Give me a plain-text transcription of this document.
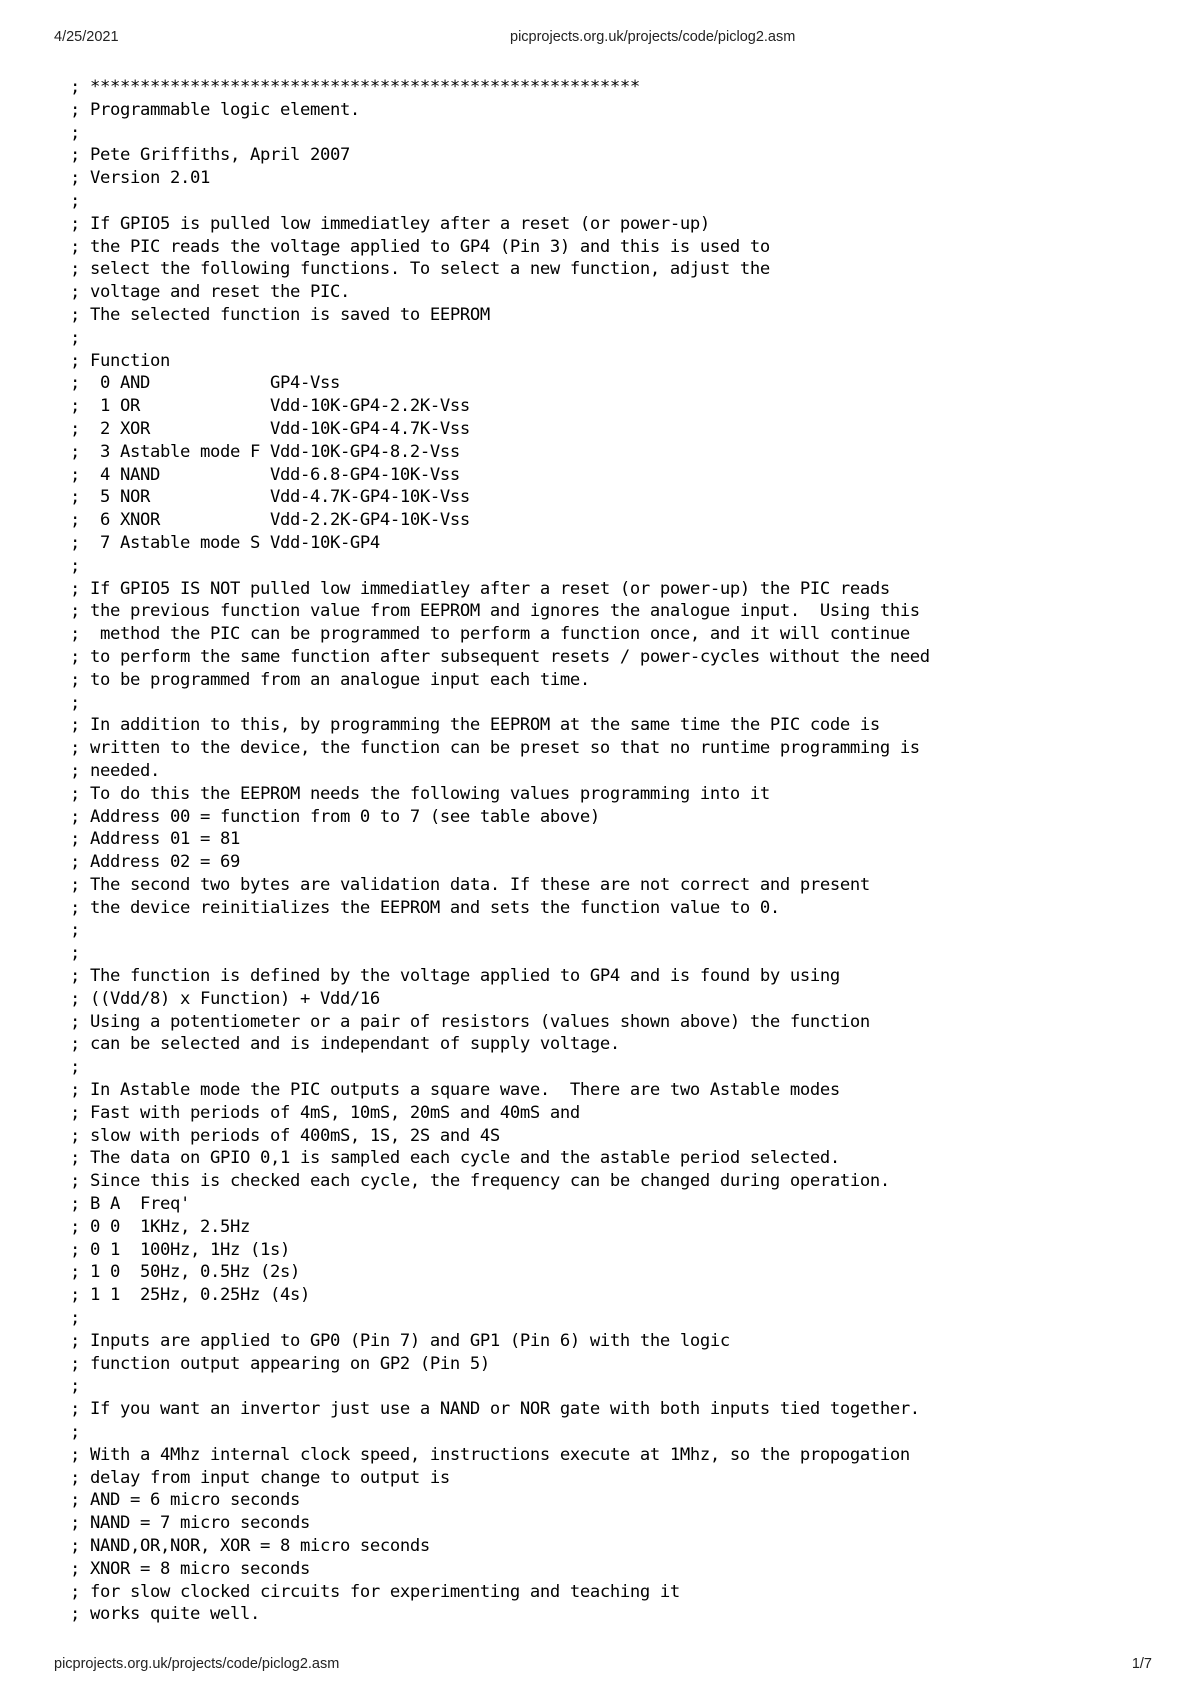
4/25/2021	picprojects.org.uk/projects/code/piclog2.asm
; *******************************************************
; Programmable logic element.
;
; Pete Griffiths, April 2007
; Version 2.01
;
; If GPIO5 is pulled low immediatley after a reset (or power-up)
; the PIC reads the voltage applied to GP4 (Pin 3) and this is used to
; select the following functions. To select a new function, adjust the
; voltage and reset the PIC.
; The selected function is saved to EEPROM
;
; Function
;  0 AND            GP4-Vss
;  1 OR             Vdd-10K-GP4-2.2K-Vss
;  2 XOR            Vdd-10K-GP4-4.7K-Vss
;  3 Astable mode F Vdd-10K-GP4-8.2-Vss
;  4 NAND           Vdd-6.8-GP4-10K-Vss
;  5 NOR            Vdd-4.7K-GP4-10K-Vss
;  6 XNOR           Vdd-2.2K-GP4-10K-Vss
;  7 Astable mode S Vdd-10K-GP4
;
; If GPIO5 IS NOT pulled low immediatley after a reset (or power-up) the PIC reads
; the previous function value from EEPROM and ignores the analogue input.  Using this
;  method the PIC can be programmed to perform a function once, and it will continue
; to perform the same function after subsequent resets / power-cycles without the need
; to be programmed from an analogue input each time.
;
; In addition to this, by programming the EEPROM at the same time the PIC code is
; written to the device, the function can be preset so that no runtime programming is
; needed.
; To do this the EEPROM needs the following values programming into it
; Address 00 = function from 0 to 7 (see table above)
; Address 01 = 81
; Address 02 = 69
; The second two bytes are validation data. If these are not correct and present
; the device reinitializes the EEPROM and sets the function value to 0.
;
;
; The function is defined by the voltage applied to GP4 and is found by using
; ((Vdd/8) x Function) + Vdd/16
; Using a potentiometer or a pair of resistors (values shown above) the function
; can be selected and is independant of supply voltage.
;
; In Astable mode the PIC outputs a square wave.  There are two Astable modes
; Fast with periods of 4mS, 10mS, 20mS and 40mS and
; slow with periods of 400mS, 1S, 2S and 4S
; The data on GPIO 0,1 is sampled each cycle and the astable period selected.
; Since this is checked each cycle, the frequency can be changed during operation.
; B A  Freq'
; 0 0  1KHz, 2.5Hz
; 0 1  100Hz, 1Hz (1s)
; 1 0  50Hz, 0.5Hz (2s)
; 1 1  25Hz, 0.25Hz (4s)
;
; Inputs are applied to GP0 (Pin 7) and GP1 (Pin 6) with the logic
; function output appearing on GP2 (Pin 5)
;
; If you want an invertor just use a NAND or NOR gate with both inputs tied together.
;
; With a 4Mhz internal clock speed, instructions execute at 1Mhz, so the propogation
; delay from input change to output is
; AND = 6 micro seconds
; NAND = 7 micro seconds
; NAND,OR,NOR, XOR = 8 micro seconds
; XNOR = 8 micro seconds
; for slow clocked circuits for experimenting and teaching it
; works quite well.
picprojects.org.uk/projects/code/piclog2.asm	1/7
